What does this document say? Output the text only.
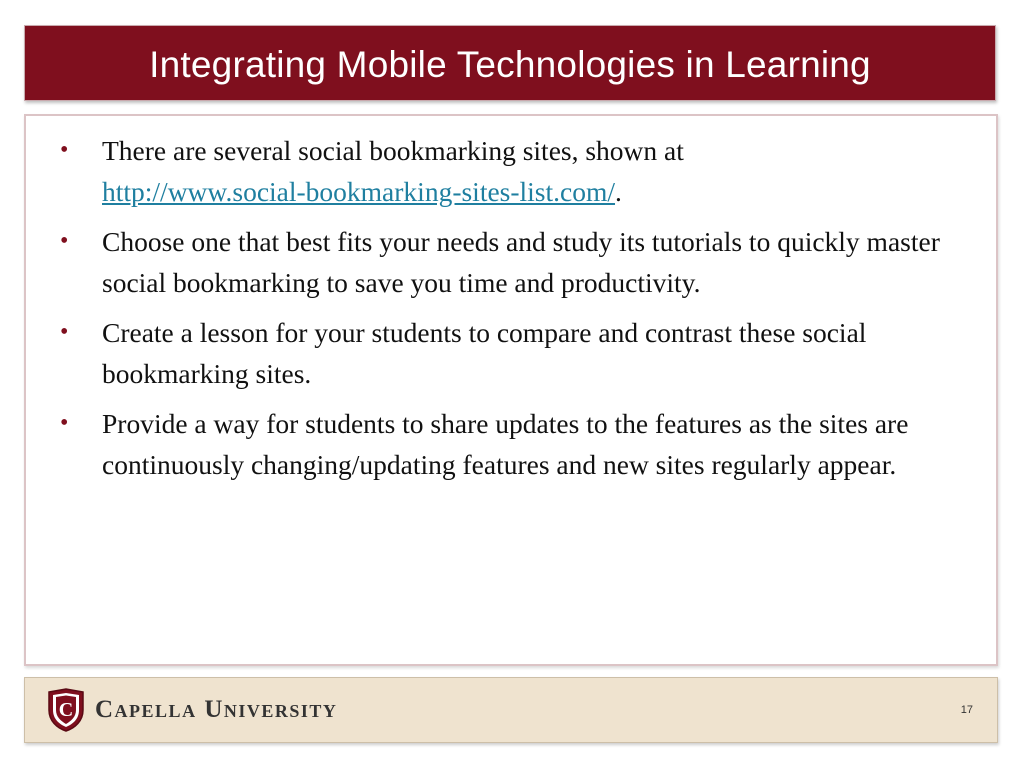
Integrating Mobile Technologies in Learning
• There are several social bookmarking sites, shown at
http://www.social-bookmarking-sites-list.com/.
• Choose one that best fits your needs and study its tutorials to quickly master social bookmarking to save you time and productivity.
• Create a lesson for your students to compare and contrast these social bookmarking sites.
• Provide a way for students to share updates to the features as the sites are continuously changing/updating features and new sites regularly appear.
C Capella University	17
